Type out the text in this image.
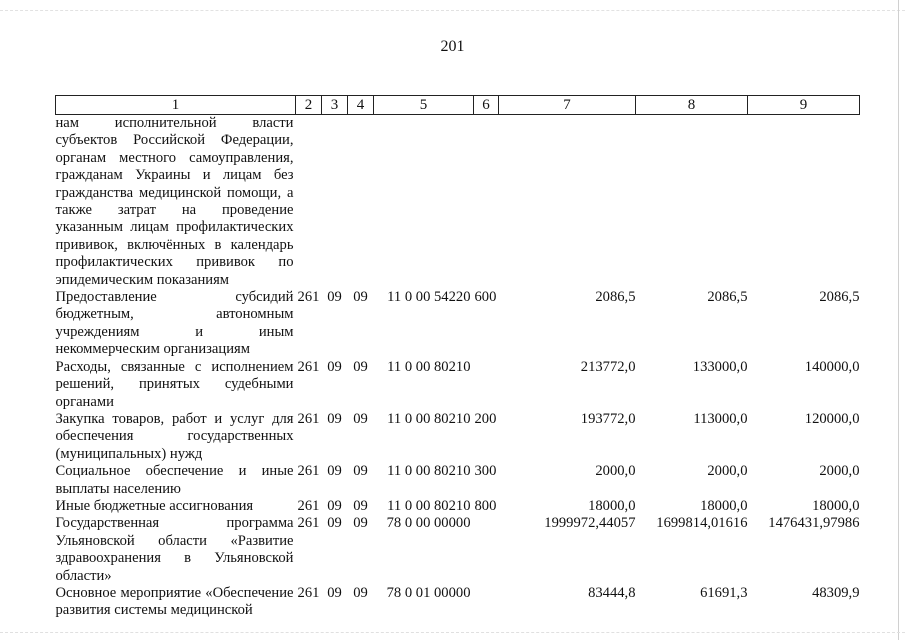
201
1	2	3	4	5	6	7	8	9
нам исполнительной власти субъектов Российской Федерации, органам местного самоуправления, гражданам Украины и лицам без гражданства медицинской помощи, а также затрат на проведение указанным лицам профилактических прививок, включённых в календарь профилактических прививок по эпидемическим показаниям								
Предоставление субсидий бюджетным, автономным учреждениям и иным некоммерческим организациям	261	09	09	11 0 00 54220	600	2086,5	2086,5	2086,5
Расходы, связанные с исполнением решений, принятых судебными органами	261	09	09	11 0 00 80210		213772,0	133000,0	140000,0
Закупка товаров, работ и услуг для обеспечения государственных (муниципальных) нужд	261	09	09	11 0 00 80210	200	193772,0	113000,0	120000,0
Социальное обеспечение и иные выплаты населению	261	09	09	11 0 00 80210	300	2000,0	2000,0	2000,0
Иные бюджетные ассигнования	261	09	09	11 0 00 80210	800	18000,0	18000,0	18000,0
Государственная программа Ульяновской области «Развитие здравоохранения в Ульяновской области»	261	09	09	78 0 00 00000		1999972,44057	1699814,01616	1476431,97986
Основное мероприятие «Обеспечение развития системы медицинской	261	09	09	78 0 01 00000		83444,8	61691,3	48309,9
